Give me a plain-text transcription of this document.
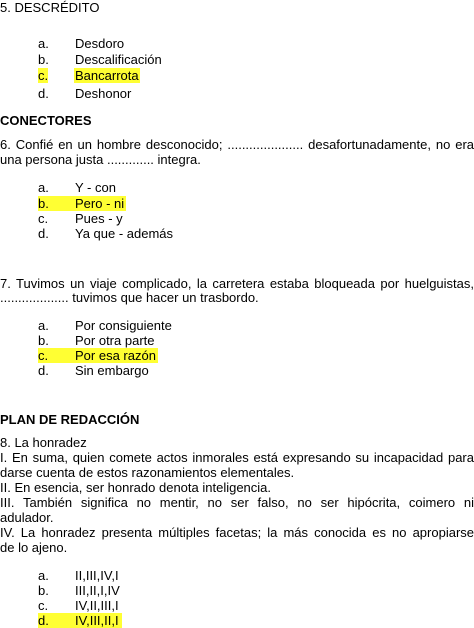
5. DESCRÉDITO
a. Desdoro
b. Descalificación
c. Bancarrota
d. Deshonor
CONECTORES
6. Confié en un hombre desconocido; ..................... desafortunadamente, no era
una persona justa ............. integra.
a. Y - con
b. Pero - ni
c. Pues - y
d. Ya que - además
7. Tuvimos un viaje complicado, la carretera estaba bloqueada por huelguistas,
................... tuvimos que hacer un trasbordo.
a. Por consiguiente
b. Por otra parte
c. Por esa razón
d. Sin embargo
PLAN DE REDACCIÓN
8. La honradez
I. En suma, quien comete actos inmorales está expresando su incapacidad para
darse cuenta de estos razonamientos elementales.
II. En esencia, ser honrado denota inteligencia.
III. También significa no mentir, no ser falso, no ser hipócrita, coimero ni
adulador.
IV. La honradez presenta múltiples facetas; la más conocida es no apropiarse
de lo ajeno.
a. II,III,IV,I
b. III,II,I,IV
c. IV,II,III,I
d. IV,III,II,I
